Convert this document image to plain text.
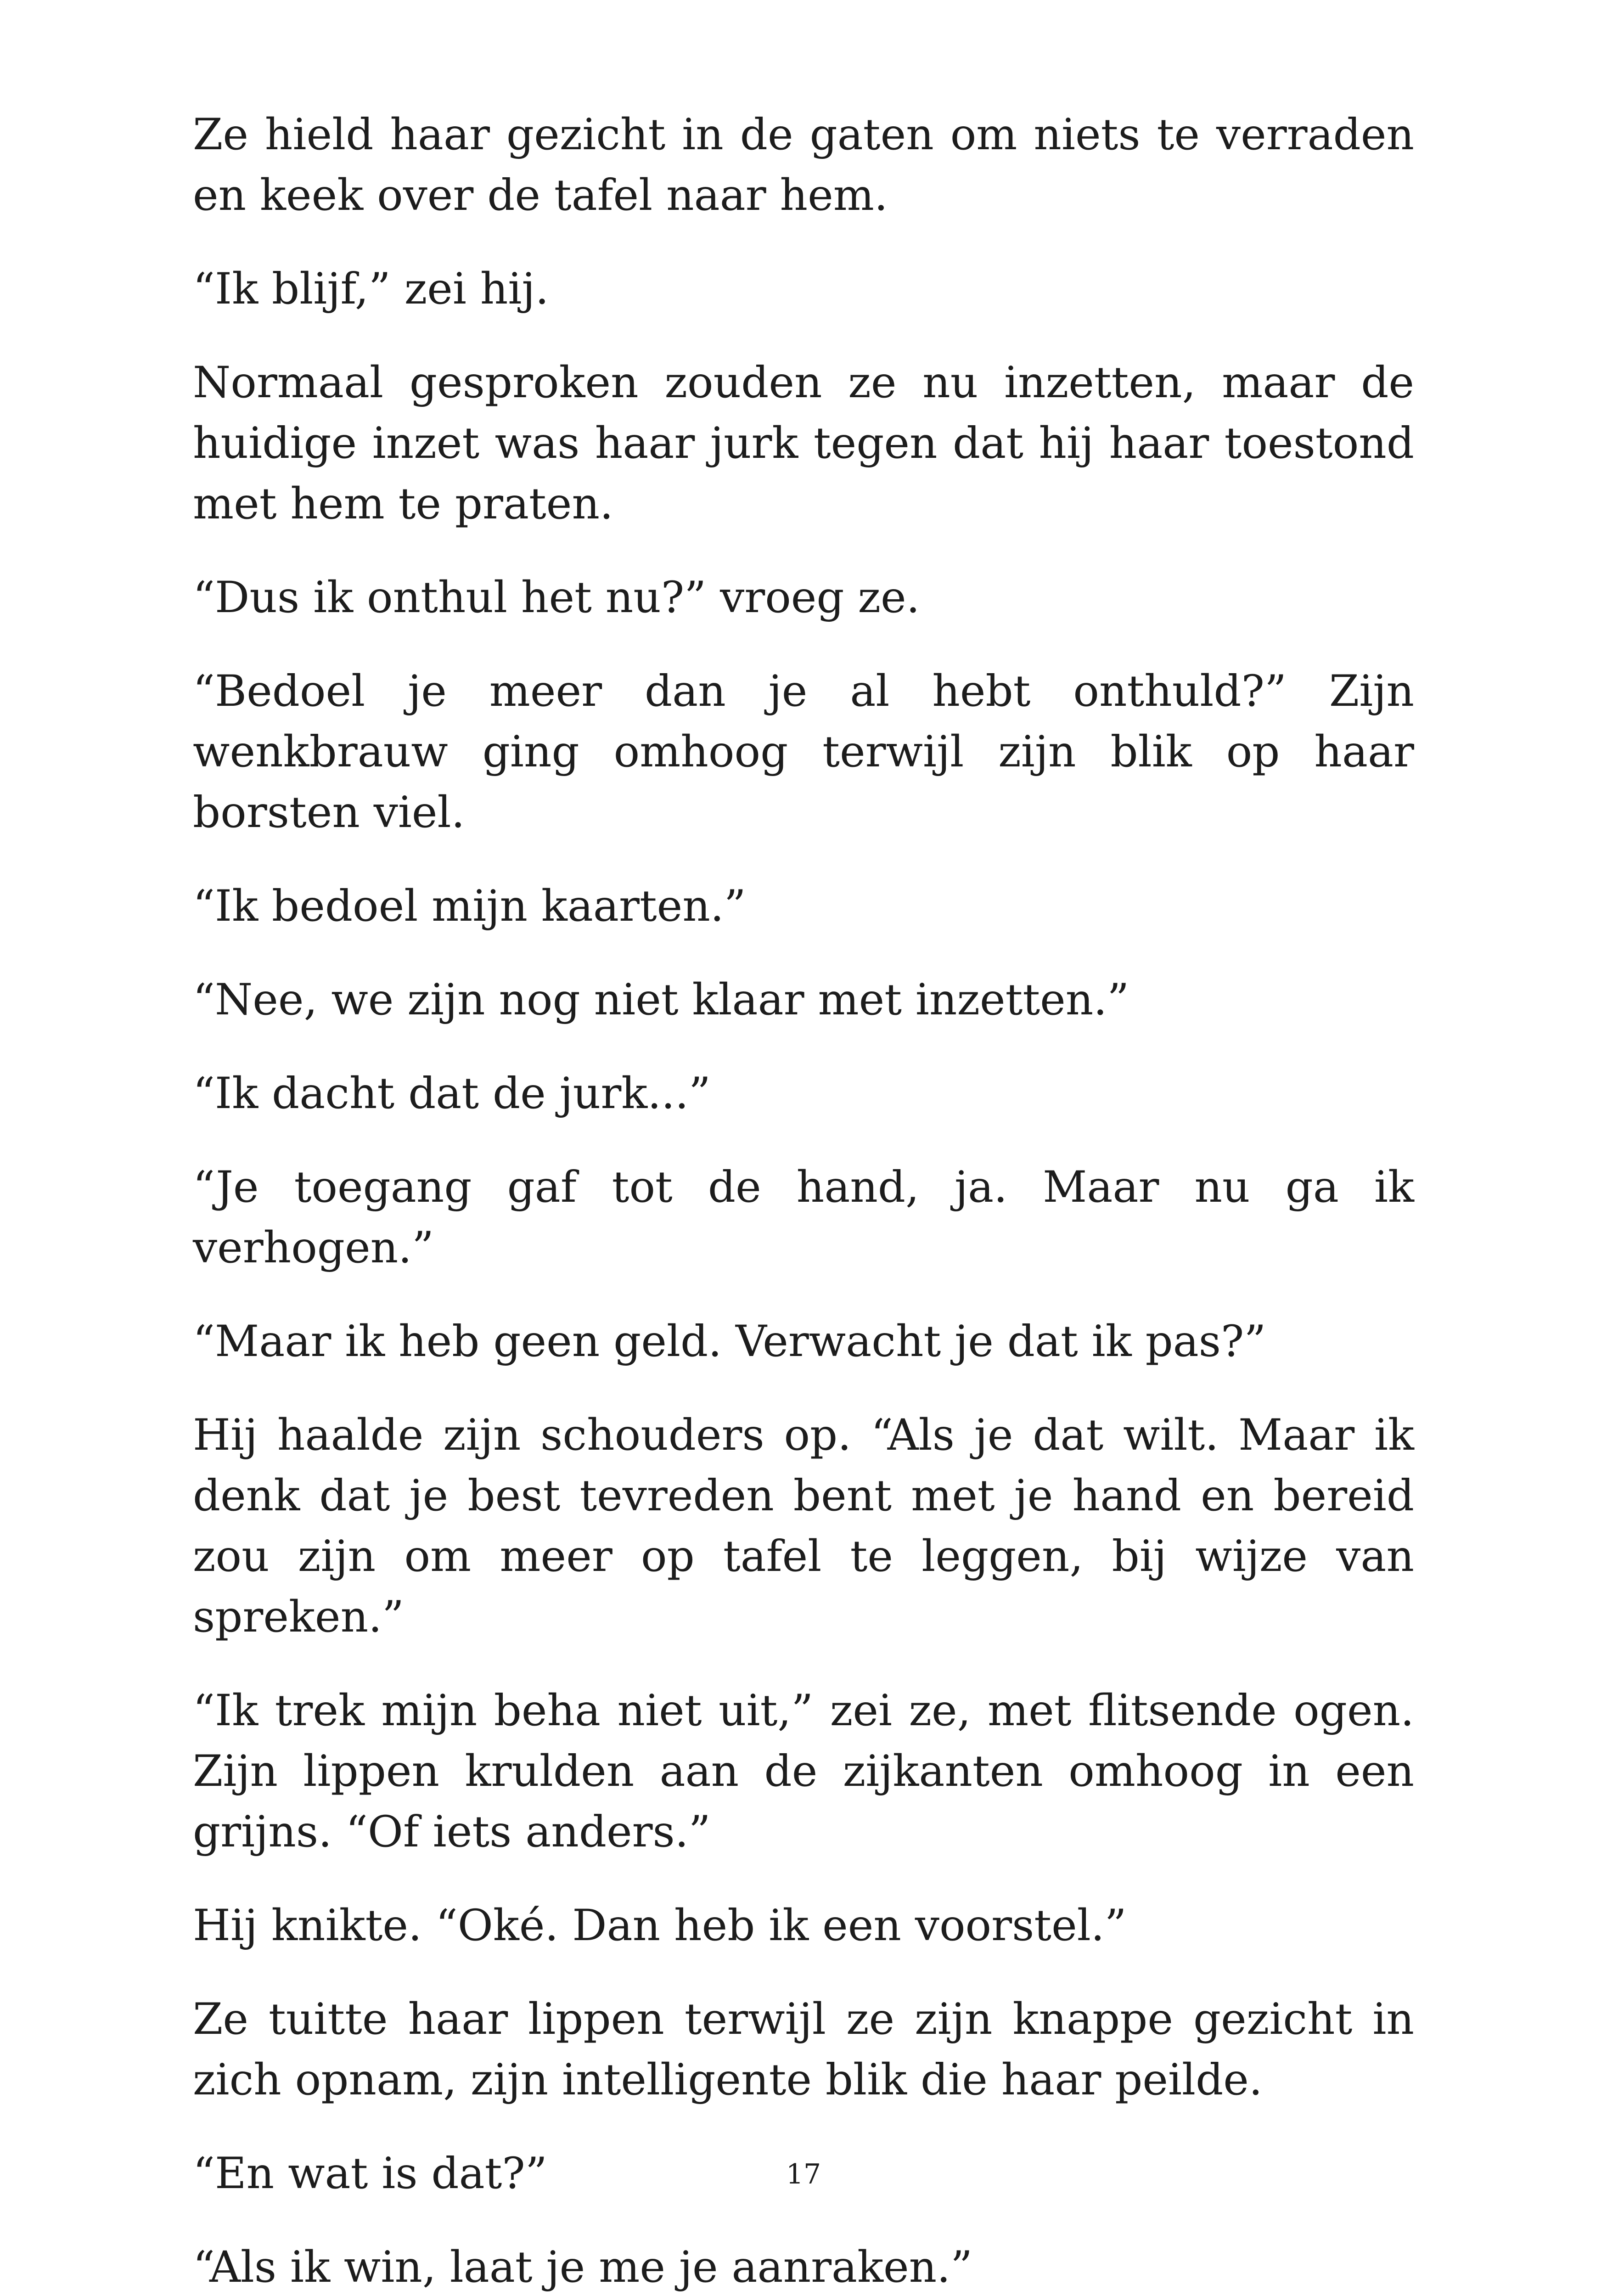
Ze hield haar gezicht in de gaten om niets te verraden en keek over de tafel naar hem.

“Ik blijf,” zei hij.

Normaal gesproken zouden ze nu inzetten, maar de huidige inzet was haar jurk tegen dat hij haar toestond met hem te praten.

“Dus ik onthul het nu?” vroeg ze.

“Bedoel je meer dan je al hebt onthuld?” Zijn wenkbrauw ging omhoog terwijl zijn blik op haar borsten viel.

“Ik bedoel mijn kaarten.”

“Nee, we zijn nog niet klaar met inzetten.”

“Ik dacht dat de jurk...”

“Je toegang gaf tot de hand, ja. Maar nu ga ik verhogen.”

“Maar ik heb geen geld. Verwacht je dat ik pas?”

Hij haalde zijn schouders op. “Als je dat wilt. Maar ik denk dat je best tevreden bent met je hand en bereid zou zijn om meer op tafel te leggen, bij wijze van spreken.”

“Ik trek mijn beha niet uit,” zei ze, met flitsende ogen. Zijn lippen krulden aan de zijkanten omhoog in een grijns. “Of iets anders.”

Hij knikte. “Oké. Dan heb ik een voorstel.”

Ze tuitte haar lippen terwijl ze zijn knappe gezicht in zich opnam, zijn intelligente blik die haar peilde.

“En wat is dat?”

“Als ik win, laat je me je aanraken.”

17
